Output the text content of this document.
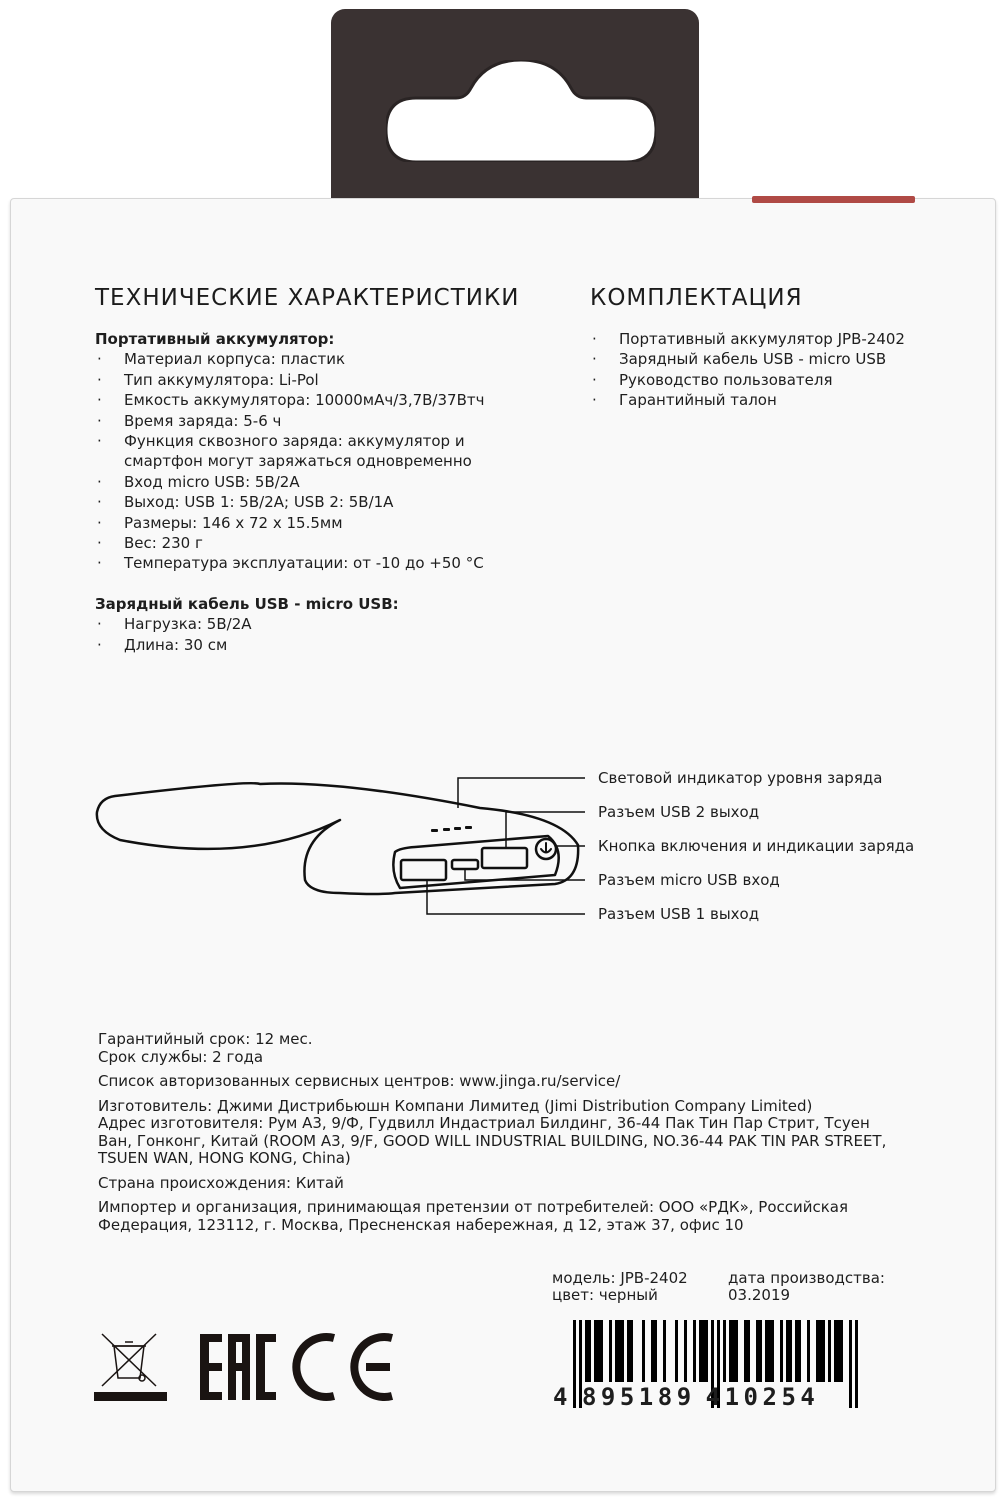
ТЕХНИЧЕСКИЕ ХАРАКТЕРИСТИКИ
Портативный аккумулятор:
· Материал корпуса: пластик
· Тип аккумулятора: Li-Pol
· Емкость аккумулятора: 10000мАч/3,7В/37Втч
· Время заряда: 5-6 ч
· Функция сквозного заряда: аккумулятор и смартфон могут заряжаться одновременно
· Вход micro USB: 5В/2А
· Выход: USB 1: 5В/2А; USB 2: 5В/1А
· Размеры: 146 х 72 х 15.5мм
· Вес: 230 г
· Температура эксплуатации: от -10 до +50 °С
Зарядный кабель USB - micro USB:
· Нагрузка: 5В/2А
· Длина: 30 см
КОМПЛЕКТАЦИЯ
· Портативный аккумулятор JPB-2402
· Зарядный кабель USB - micro USB
· Руководство пользователя
· Гарантийный талон
Световой индикатор уровня заряда
Разъем USB 2 выход
Кнопка включения и индикации заряда
Разъем micro USB вход
Разъем USB 1 выход

Гарантийный срок: 12 мес.

Срок службы: 2 года

Список авторизованных сервисных центров: www.jinga.ru/service/

Изготовитель: Джими Дистрибьюшн Компани Лимитед (Jimi Distribution Company Limited)

Адрес изготовителя: Рум А3, 9/Ф, Гудвилл Индастриал Билдинг, 36-44 Пак Тин Пар Стрит, Тсуен Ван, Гонконг, Китай (ROOM A3, 9/F, GOOD WILL INDUSTRIAL BUILDING, NO.36-44 PAK TIN PAR STREET, TSUEN WAN, HONG KONG, China)

Страна происхождения: Китай

Импортер и организация, принимающая претензии от потребителей: ООО «РДК», Российская Федерация, 123112, г. Москва, Пресненская набережная, д 12, этаж 37, офис 10

модель: JPB-2402
цвет: черный
дата производства:
03.2019
4 895189 410254
